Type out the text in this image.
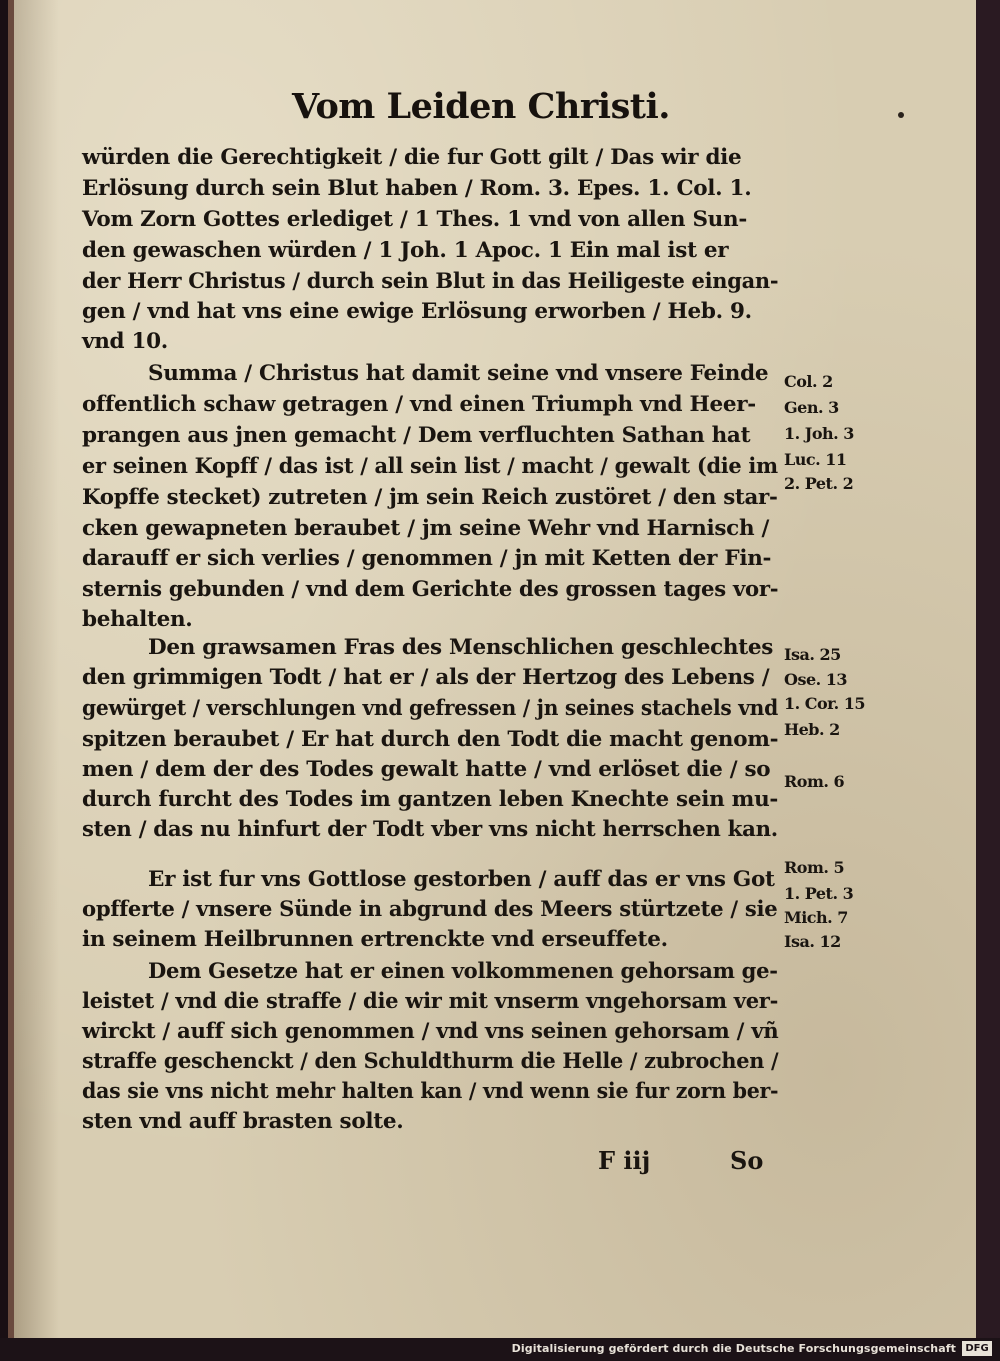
Vom Leiden Christi.
würden die Gerechtigkeit / die fur Gott gilt / Das wir die
Erlösung durch sein Blut haben / Rom. 3. Epes. 1. Col. 1.
Vom Zorn Gottes erlediget / 1 Thes. 1 vnd von allen Sun-
den gewaschen würden / 1 Joh. 1 Apoc. 1 Ein mal ist er
der Herr Christus / durch sein Blut in das Heiligeste eingan-
gen / vnd hat vns eine ewige Erlösung erworben / Heb. 9.
vnd 10.
Summa / Christus hat damit seine vnd vnsere Feinde
offentlich schaw getragen / vnd einen Triumph vnd Heer-
prangen aus jnen gemacht / Dem verfluchten Sathan hat
er seinen Kopff / das ist / all sein list / macht / gewalt (die im
Kopffe stecket) zutreten / jm sein Reich zustöret / den star-
cken gewapneten beraubet / jm seine Wehr vnd Harnisch /
darauff er sich verlies / genommen / jn mit Ketten der Fin-
sternis gebunden / vnd dem Gerichte des grossen tages vor-
behalten.
Den grawsamen Fras des Menschlichen geschlechtes
den grimmigen Todt / hat er / als der Hertzog des Lebens /
gewürget / verschlungen vnd gefressen / jn seines stachels vnd
spitzen beraubet / Er hat durch den Todt die macht genom-
men / dem der des Todes gewalt hatte / vnd erlöset die / so
durch furcht des Todes im gantzen leben Knechte sein mu-
sten / das nu hinfurt der Todt vber vns nicht herrschen kan.
Er ist fur vns Gottlose gestorben / auff das er vns Got
opfferte / vnsere Sünde in abgrund des Meers stürtzete / sie
in seinem Heilbrunnen ertrenckte vnd erseuffete.
Dem Gesetze hat er einen volkommenen gehorsam ge-
leistet / vnd die straffe / die wir mit vnserm vngehorsam ver-
wirckt / auff sich genommen / vnd vns seinen gehorsam / vñ
straffe geschenckt / den Schuldthurm die Helle / zubrochen /
das sie vns nicht mehr halten kan / vnd wenn sie fur zorn ber-
sten vnd auff brasten solte.
Col. 2
Gen. 3
1. Joh. 3
Luc. 11
2. Pet. 2
Isa. 25
Ose. 13
1. Cor. 15
Heb. 2
Rom. 6
Rom. 5
1. Pet. 3
Mich. 7
Isa. 12
F iij	So
Digitalisierung gefördert durch die Deutsche Forschungsgemeinschaft DFG
